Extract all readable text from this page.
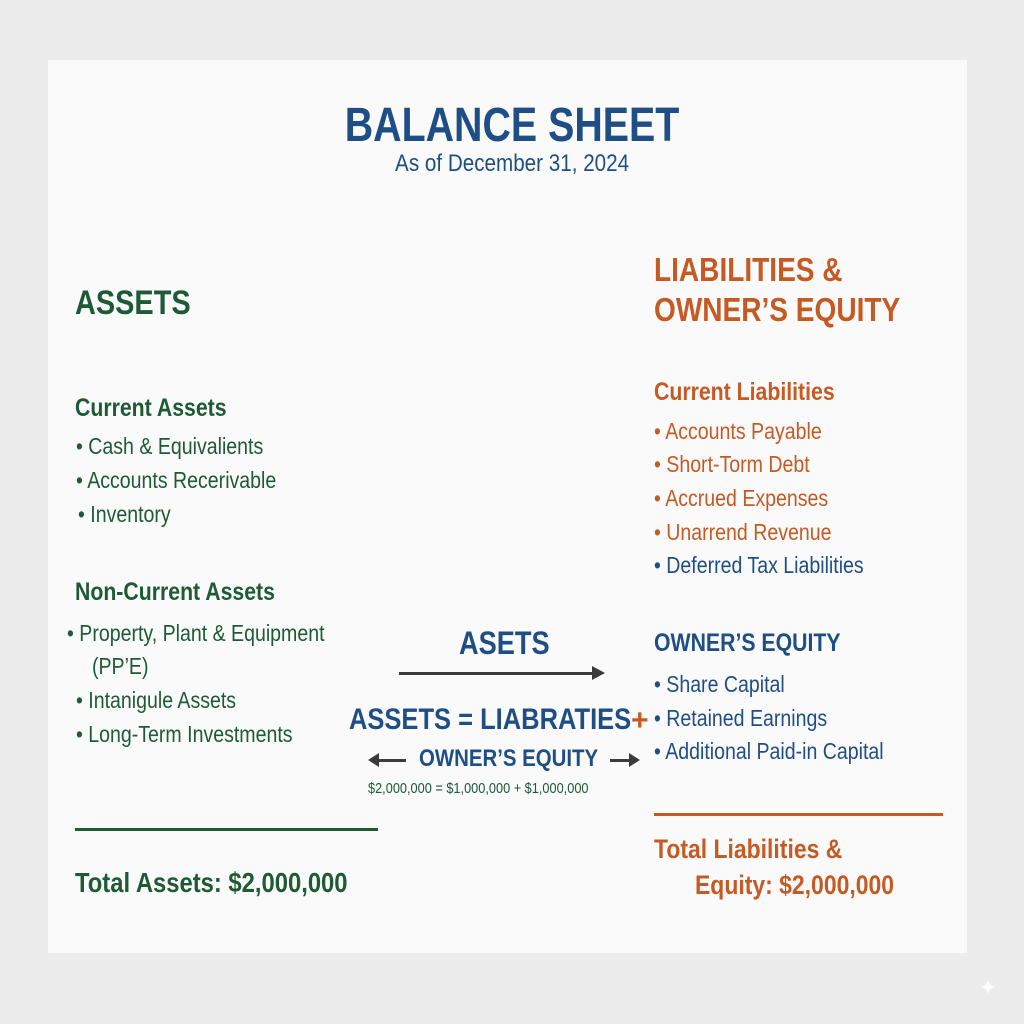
BALANCE SHEET
As of December 31, 2024
ASSETS
Current Assets
• Cash & Equivalients
• Accounts Recerivable
• Inventory
Non-Current Assets
• Property, Plant & Equipment
(PP’E)
• Intanigule Assets
• Long-Term Investments
Total Assets: $2,000,000
LIABILITIES &
OWNER’S EQUITY
Current Liabilities
• Accounts Payable
• Short-Torm Debt
• Accrued Expenses
• Unarrend Revenue
• Deferred Tax Liabilities
OWNER’S EQUITY
• Share Capital
• Retained Earnings
• Additional Paid-in Capital
Total Liabilities &
Equity: $2,000,000
ASETS
ASSETS = LIABRATIES +
OWNER’S EQUITY
$2,000,000 = $1,000,000 + $1,000,000
✦
